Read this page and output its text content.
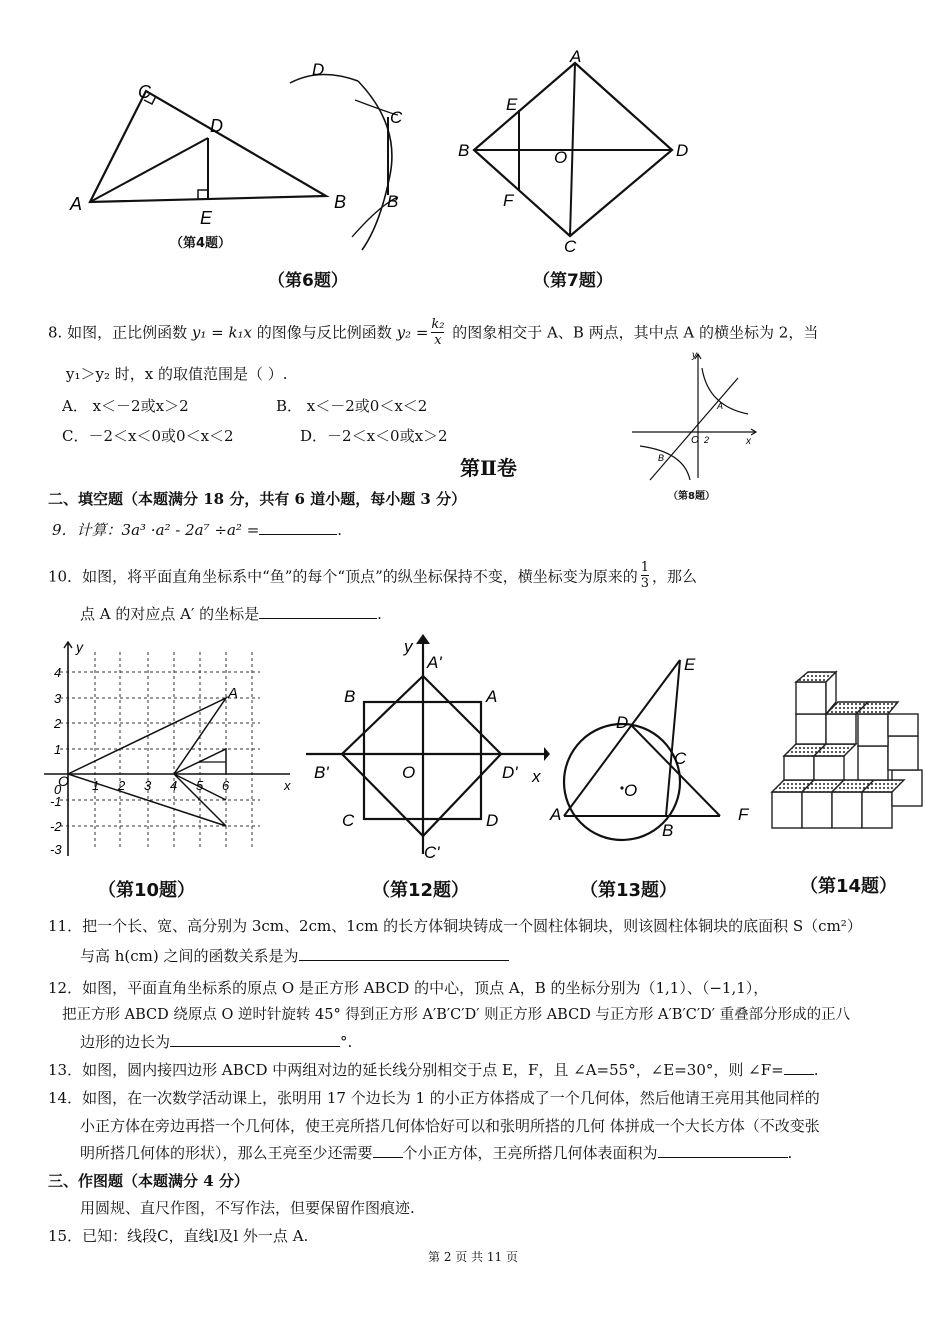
C
D
A
E
B
（第4题）
D
C
B
（第6题）
A
E
B	O	D
F
C
（第7题）
8. 如图，正比例函数 y₁ = k₁x 的图像与反比例函数 $y_2 = \frac{\text{k₂}}{x}$ 的图象相交于 A、B 两点，其中点 A 的横坐标为 2，当
y₁＞y₂ 时，x 的取值范围是（ ）.
A． x＜－2或x＞2	B． x＜－2或0＜x＜2
C．－2＜x＜0或0＜x＜2	D．－2＜x＜0或x＞2
y
A
O 2	x
B
（第8题）
第Ⅱ卷
二、填空题（本题满分 18 分，共有 6 道小题，每小题 3 分）
9．计算：3a³ ·a² - 2a⁷ ÷a² =	.
10．如图，将平面直角坐标系中“鱼”的每个“顶点”的纵坐标保持不变，横坐标变为原来的 $\frac{1}{3}$ ，那么
点 A 的对应点 A′ 的坐标是	.
y
A
O	x
4
3
2
1
0
-1
-2
-3
1 2 3 4 5 6
（第10题）
y
A'
B	A
B'	O	D' x
C	D
C'
（第12题）
E
D
C
O
A
B
F
（第13题）	（第14题）
11．把一个长、宽、高分别为 3cm、2cm、1cm 的长方体铜块铸成一个圆柱体铜块，则该圆柱体铜块的底面积 S（cm²）
与高 h(cm) 之间的函数关系是为
12．如图，平面直角坐标系的原点 O 是正方形 ABCD 的中心，顶点 A，B 的坐标分别为（1,1）、（−1,1），
把正方形 ABCD 绕原点 O 逆时针旋转 45° 得到正方形 A′B′C′D′ 则正方形 ABCD 与正方形 A′B′C′D′ 重叠部分形成的正八
边形的边长为	°.
13．如图，圆内接四边形 ABCD 中两组对边的延长线分别相交于点 E，F，且 ∠A=55°，∠E=30°，则 ∠F= .
14．如图，在一次数学活动课上，张明用 17 个边长为 1 的小正方体搭成了一个几何体，然后他请王亮用其他同样的
小正方体在旁边再搭一个几何体，使王亮所搭几何体恰好可以和张明所搭的几何 体拼成一个大长方体（不改变张
明所搭几何体的形状），那么王亮至少还需要 个小正方体，王亮所搭几何体表面积为	.
三、作图题（本题满分 4 分）
用圆规、直尺作图，不写作法，但要保留作图痕迹.
15．已知：线段C，直线l及l 外一点 A.
第 2 页 共 11 页
